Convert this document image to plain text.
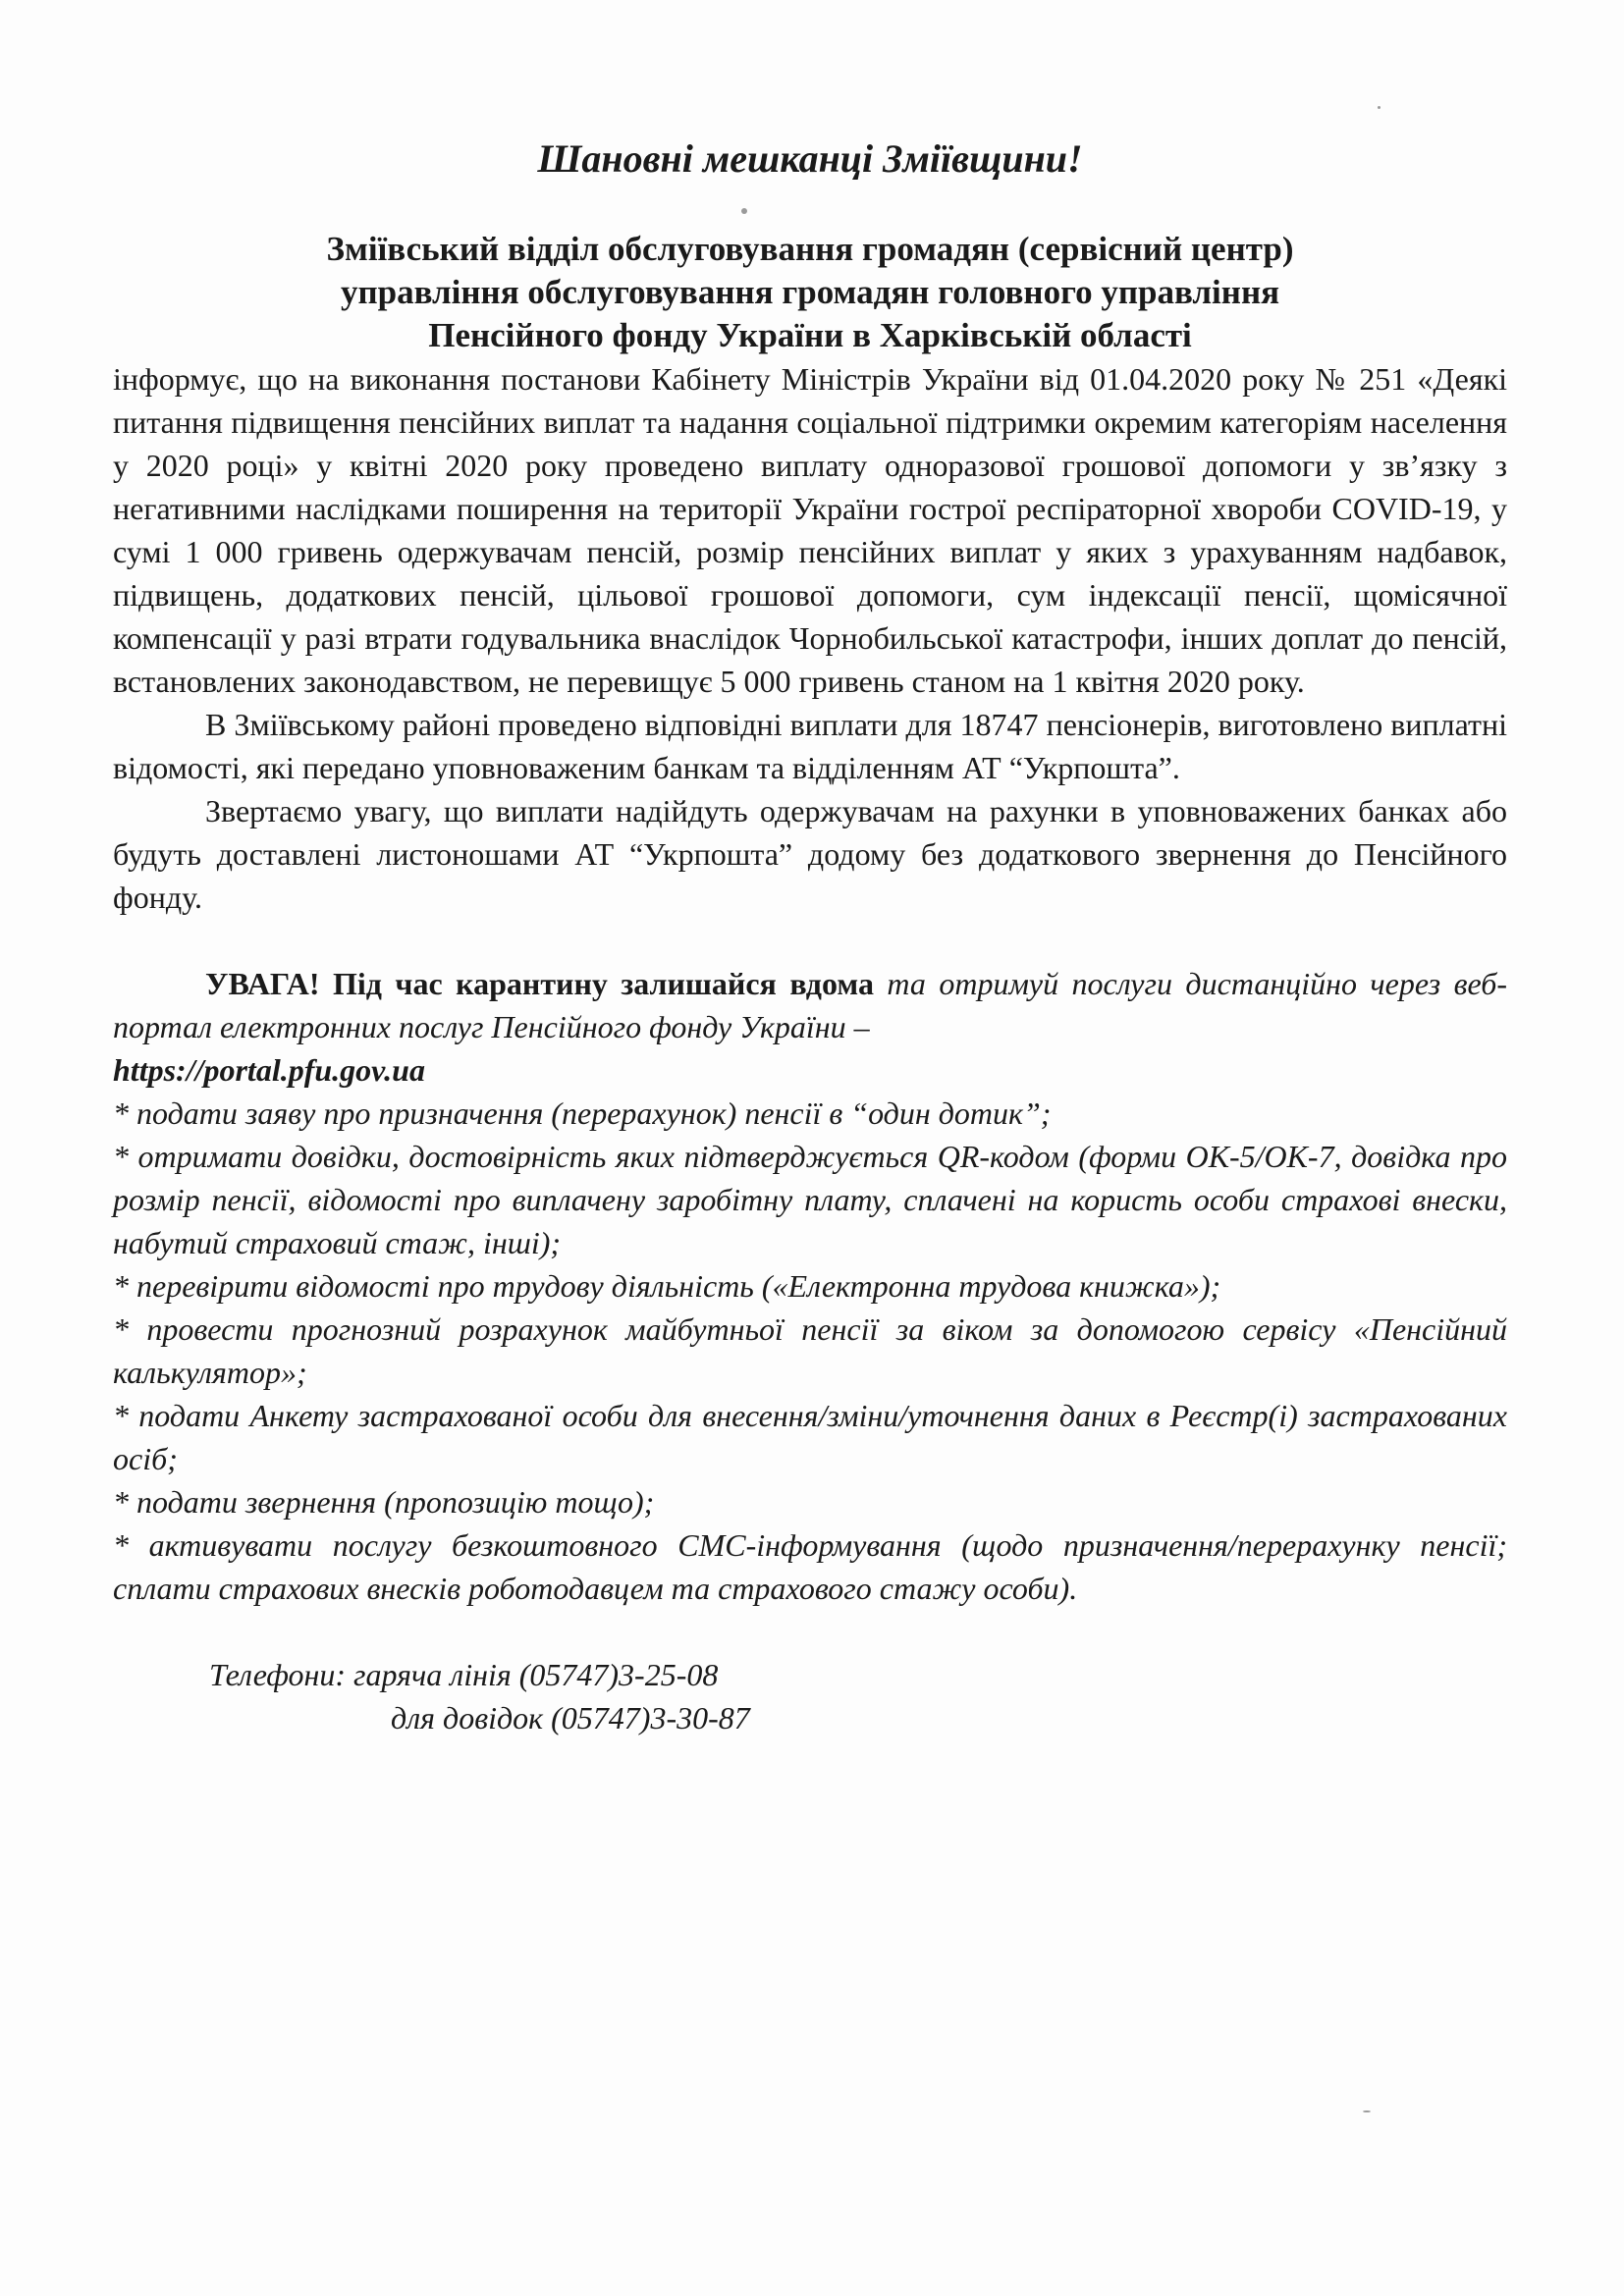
Шановні мешканці Зміївщини!
Зміївський відділ обслуговування громадян (сервісний центр)
управління обслуговування громадян головного управління
Пенсійного фонду України в Харківській області

інформує, що на виконання постанови Кабінету Міністрів України від 01.04.2020 року № 251 «Деякі питання підвищення пенсійних виплат та надання соціальної підтримки окремим категоріям населення у 2020 році» у квітні 2020 року проведено виплату одноразової грошової допомоги у зв’язку з негативними наслідками поширення на території України гострої респіраторної хвороби COVID-19, у сумі 1 000 гривень одержувачам пенсій, розмір пенсійних виплат у яких з урахуванням надбавок, підвищень, додаткових пенсій, цільової грошової допомоги, сум індексації пенсії, щомісячної компенсації у разі втрати годувальника внаслідок Чорнобильської катастрофи, інших доплат до пенсій, встановлених законодавством, не перевищує 5 000 гривень станом на 1 квітня 2020 року.

В Зміївському районі проведено відповідні виплати для 18747 пенсіонерів, виготовлено виплатні відомості, які передано уповноваженим банкам та відділенням АТ “Укрпошта”.

Звертаємо увагу, що виплати надійдуть одержувачам на рахунки в уповноважених банках або будуть доставлені листоношами АТ “Укрпошта” додому без додаткового звернення до Пенсійного фонду.

УВАГА! Під час карантину залишайся вдома та отримуй послуги дистанційно через веб-портал електронних послуг Пенсійного фонду України –
https://portal.pfu.gov.ua

* подати заяву про призначення (перерахунок) пенсії в “один дотик”;

* отримати довідки, достовірність яких підтверджується QR-кодом (форми ОК-5/ОК-7, довідка про розмір пенсії, відомості про виплачену заробітну плату, сплачені на користь особи страхові внески, набутий страховий стаж, інші);

* перевірити відомості про трудову діяльність («Електронна трудова книжка»);

* провести прогнозний розрахунок майбутньої пенсії за віком за допомогою сервісу «Пенсійний калькулятор»;

* подати Анкету застрахованої особи для внесення/зміни/уточнення даних в Реєстр(і) застрахованих осіб;

* подати звернення (пропозицію тощо);

* активувати послугу безкоштовного СМС-інформування (щодо призначення/перерахунку пенсії; сплати страхових внесків роботодавцем та страхового стажу особи).

Телефони: гаряча лінія (05747)3-25-08
для довідок (05747)3-30-87
